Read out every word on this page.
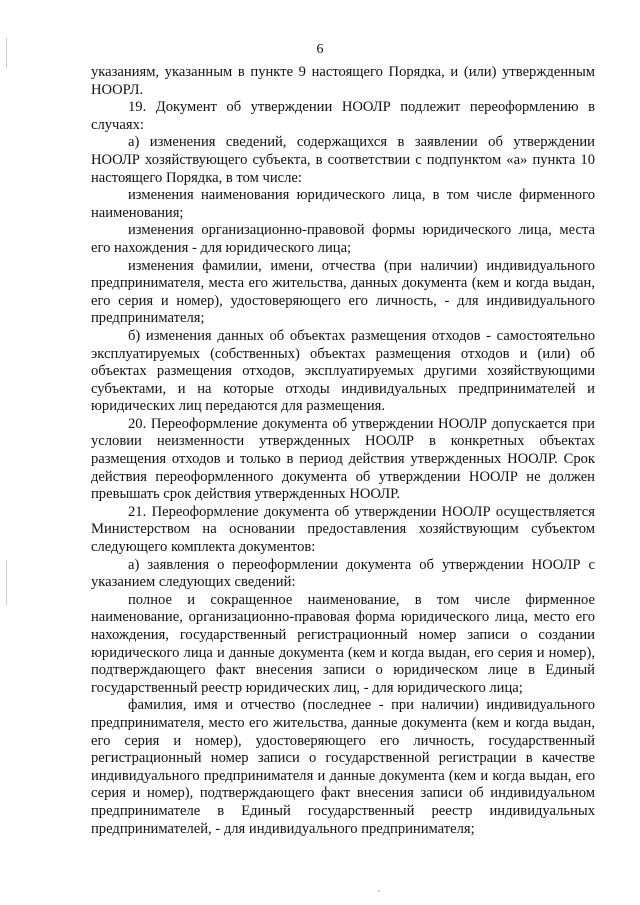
6

указаниям, указанным в пункте 9 настоящего Порядка, и (или) утвержденным НООРЛ.

19. Документ об утверждении НООЛР подлежит переоформлению в случаях:

а) изменения сведений, содержащихся в заявлении об утверждении НООЛР хозяйствующего субъекта, в соответствии с подпунктом «а» пункта 10 настоящего Порядка, в том числе:

изменения наименования юридического лица, в том числе фирменного наименования;

изменения организационно-правовой формы юридического лица, места его нахождения - для юридического лица;

изменения фамилии, имени, отчества (при наличии) индивидуального предпринимателя, места его жительства, данных документа (кем и когда выдан, его серия и номер), удостоверяющего его личность, - для индивидуального предпринимателя;

б) изменения данных об объектах размещения отходов - самостоятельно эксплуатируемых (собственных) объектах размещения отходов и (или) об объектах размещения отходов, эксплуатируемых другими хозяйствующими субъектами, и на которые отходы индивидуальных предпринимателей и юридических лиц передаются для размещения.

20. Переоформление документа об утверждении НООЛР допускается при условии неизменности утвержденных НООЛР в конкретных объектах размещения отходов и только в период действия утвержденных НООЛР. Срок действия переоформленного документа об утверждении НООЛР не должен превышать срок действия утвержденных НООЛР.

21. Переоформление документа об утверждении НООЛР осуществляется Министерством на основании предоставления хозяйствующим субъектом следующего комплекта документов:

а) заявления о переоформлении документа об утверждении НООЛР с указанием следующих сведений:

полное и сокращенное наименование, в том числе фирменное наименование, организационно-правовая форма юридического лица, место его нахождения, государственный регистрационный номер записи о создании юридического лица и данные документа (кем и когда выдан, его серия и номер), подтверждающего факт внесения записи о юридическом лице в Единый государственный реестр юридических лиц, - для юридического лица;

фамилия, имя и отчество (последнее - при наличии) индивидуального предпринимателя, место его жительства, данные документа (кем и когда выдан, его серия и номер), удостоверяющего его личность, государственный регистрационный номер записи о государственной регистрации в качестве индивидуального предпринимателя и данные документа (кем и когда выдан, его серия и номер), подтверждающего факт внесения записи об индивидуальном предпринимателе в Единый государственный реестр индивидуальных предпринимателей, - для индивидуального предпринимателя;
